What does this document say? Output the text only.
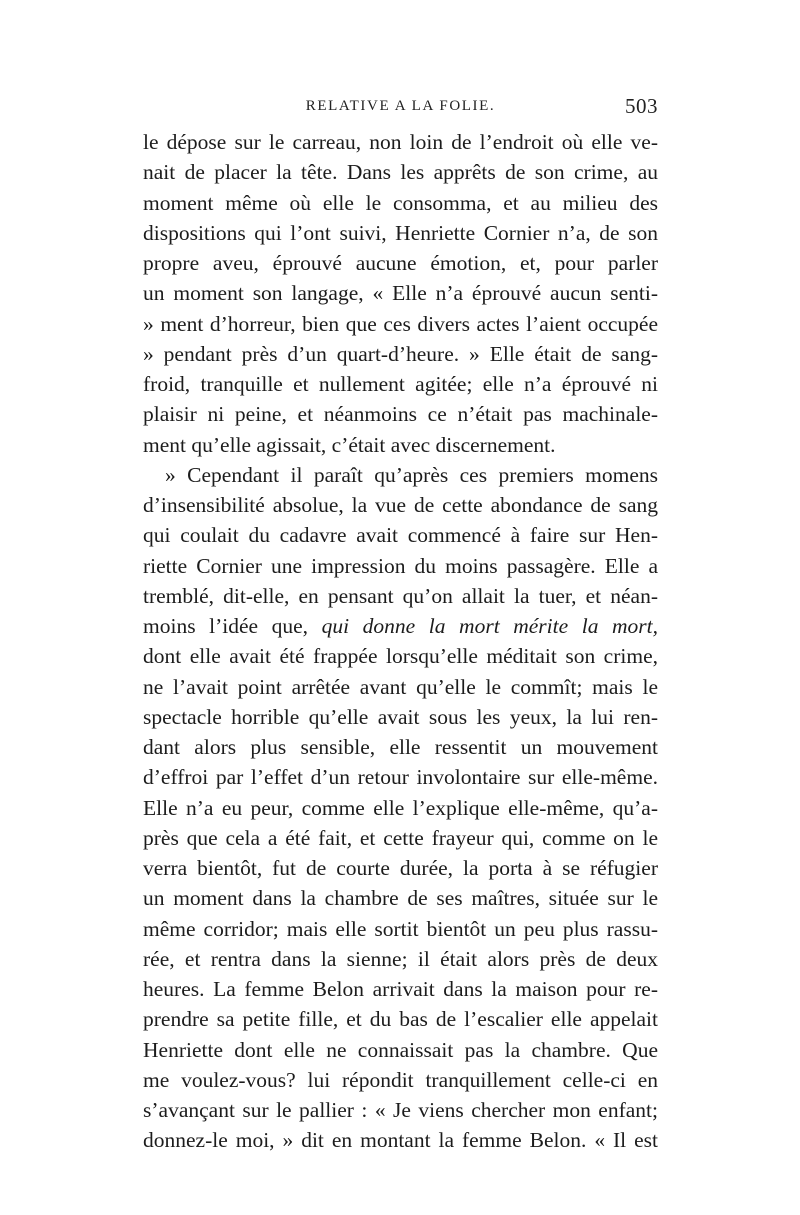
RELATIVE A LA FOLIE.	503
le dépose sur le carreau, non loin de l’endroit où elle ve-
nait de placer la tête. Dans les apprêts de son crime, au
moment même où elle le consomma, et au milieu des
dispositions qui l’ont suivi, Henriette Cornier n’a, de son
propre aveu, éprouvé aucune émotion, et, pour parler
un moment son langage, « Elle n’a éprouvé aucun senti-
» ment d’horreur, bien que ces divers actes l’aient occupée
» pendant près d’un quart-d’heure. » Elle était de sang-
froid, tranquille et nullement agitée; elle n’a éprouvé ni
plaisir ni peine, et néanmoins ce n’était pas machinale-
ment qu’elle agissait, c’était avec discernement.
» Cependant il paraît qu’après ces premiers momens
d’insensibilité absolue, la vue de cette abondance de sang
qui coulait du cadavre avait commencé à faire sur Hen-
riette Cornier une impression du moins passagère. Elle a
tremblé, dit-elle, en pensant qu’on allait la tuer, et néan-
moins l’idée que, qui donne la mort mérite la mort,
dont elle avait été frappée lorsqu’elle méditait son crime,
ne l’avait point arrêtée avant qu’elle le commît; mais le
spectacle horrible qu’elle avait sous les yeux, la lui ren-
dant alors plus sensible, elle ressentit un mouvement
d’effroi par l’effet d’un retour involontaire sur elle-même.
Elle n’a eu peur, comme elle l’explique elle-même, qu’a-
près que cela a été fait, et cette frayeur qui, comme on le
verra bientôt, fut de courte durée, la porta à se réfugier
un moment dans la chambre de ses maîtres, située sur le
même corridor; mais elle sortit bientôt un peu plus rassu-
rée, et rentra dans la sienne; il était alors près de deux
heures. La femme Belon arrivait dans la maison pour re-
prendre sa petite fille, et du bas de l’escalier elle appelait
Henriette dont elle ne connaissait pas la chambre. Que
me voulez-vous? lui répondit tranquillement celle-ci en
s’avançant sur le pallier : « Je viens chercher mon enfant;
donnez-le moi, » dit en montant la femme Belon. « Il est
